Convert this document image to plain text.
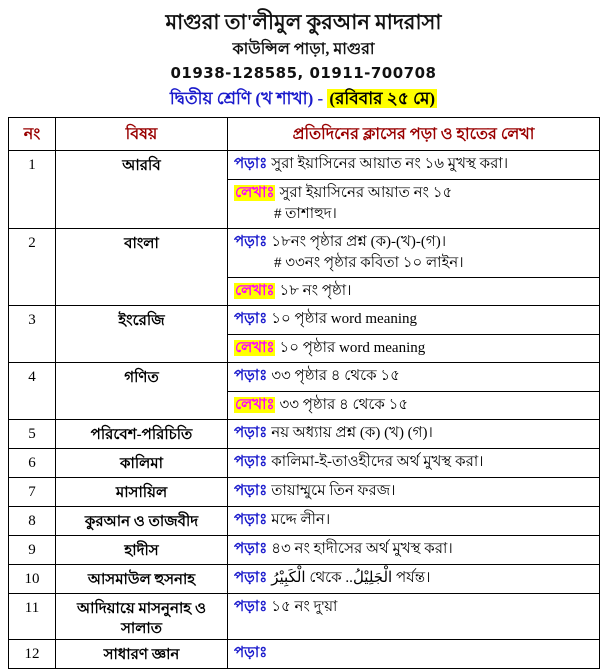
মাগুরা তা'লীমুল কুরআন মাদরাসা
কাউন্সিল পাড়া, মাগুরা
01938-128585, 01911-700708
দ্বিতীয় শ্রেণি (খ শাখা) - (রবিবার ২৫ মে)
নং	বিষয়	প্রতিদিনের ক্লাসের পড়া ও হাতের লেখা
1	আরবি	পড়াঃ সুরা ইয়াসিনের আয়াত নং ১৬ মুখস্থ করা।
লেখাঃ সুরা ইয়াসিনের আয়াত নং ১৫
# তাশাহুদ।

2	বাংলা	পড়াঃ ১৮নং পৃষ্ঠার প্রশ্ন (ক)-(খ)-(গ)।
# ৩৩নং পৃষ্ঠার কবিতা ১০ লাইন।
লেখাঃ ১৮ নং পৃষ্ঠা।

3	ইংরেজি	পড়াঃ ১০ পৃষ্ঠার word meaning
লেখাঃ ১০ পৃষ্ঠার word meaning

4	গণিত	পড়াঃ ৩৩ পৃষ্ঠার ৪ থেকে ১৫
লেখাঃ ৩৩ পৃষ্ঠার ৪ থেকে ১৫

5	পরিবেশ-পরিচিতি	পড়াঃ নয় অধ্যায় প্রশ্ন (ক) (খ) (গ)।

6	কালিমা	পড়াঃ কালিমা-ই-তাওহীদের অর্থ মুখস্থ করা।

7	মাসায়িল	পড়াঃ তায়াম্মুমে তিন ফরজ।

8	কুরআন ও তাজবীদ	পড়াঃ মদ্দে লীন।

9	হাদীস	পড়াঃ ৪৩ নং হাদীসের অর্থ মুখস্থ করা।

10	আসমাউল হুসনাহ	পড়াঃ الْكَبِيْرُ থেকে ..الْجَلِيْلُ পর্যন্ত।

11	আদিয়ায়ে মাসনুনাহ ও সালাত	পড়াঃ ১৫ নং দু'য়া

12	সাধারণ জ্ঞান	পড়াঃ
